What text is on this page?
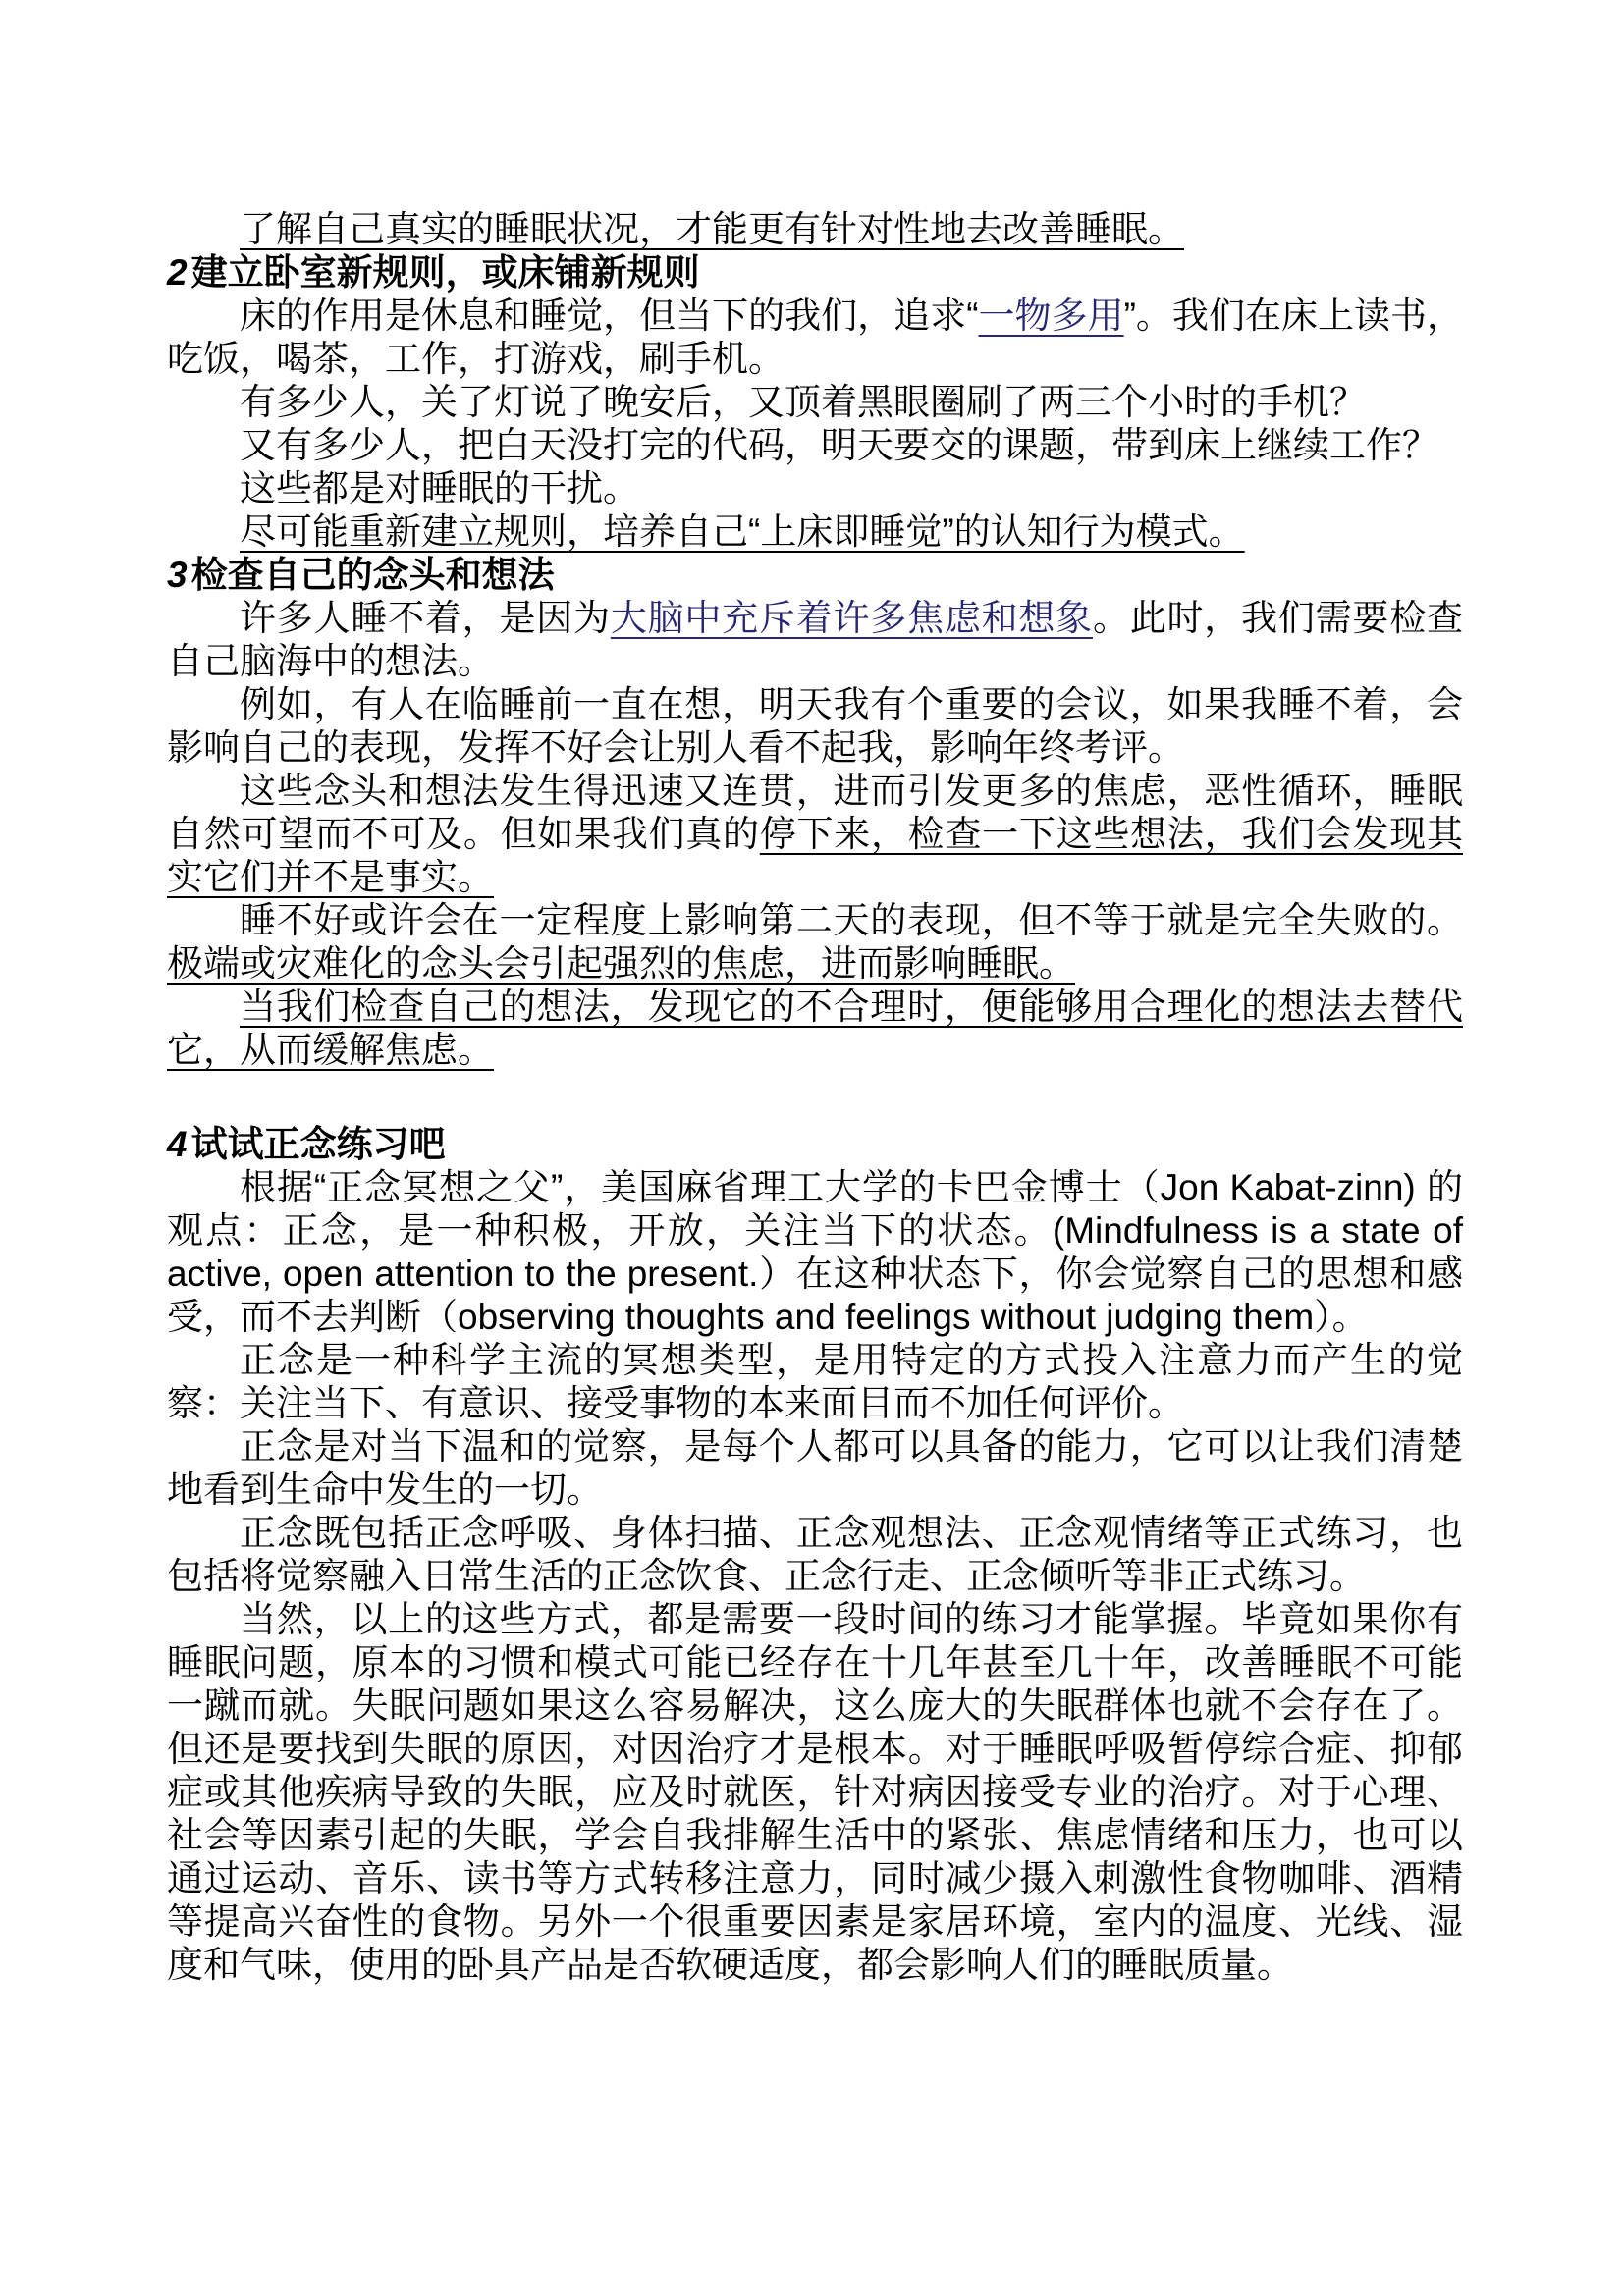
了解自己真实的睡眠状况，才能更有针对性地去改善睡眠。

2 建立卧室新规则，或床铺新规则

床的作用是休息和睡觉，但当下的我们，追求“一物多用”。我们在床上读书，吃饭，喝茶，工作，打游戏，刷手机。

有多少人，关了灯说了晚安后，又顶着黑眼圈刷了两三个小时的手机？

又有多少人，把白天没打完的代码，明天要交的课题，带到床上继续工作？

这些都是对睡眠的干扰。

尽可能重新建立规则，培养自己“上床即睡觉”的认知行为模式。

3 检查自己的念头和想法

许多人睡不着，是因为大脑中充斥着许多焦虑和想象。此时，我们需要检查自己脑海中的想法。

例如，有人在临睡前一直在想，明天我有个重要的会议，如果我睡不着，会影响自己的表现，发挥不好会让别人看不起我，影响年终考评。

这些念头和想法发生得迅速又连贯，进而引发更多的焦虑，恶性循环，睡眠自然可望而不可及。但如果我们真的停下来，检查一下这些想法，我们会发现其实它们并不是事实。

睡不好或许会在一定程度上影响第二天的表现，但不等于就是完全失败的。极端或灾难化的念头会引起强烈的焦虑，进而影响睡眠。

当我们检查自己的想法，发现它的不合理时，便能够用合理化的想法去替代它，从而缓解焦虑。

4 试试正念练习吧

根据“正念冥想之父”，美国麻省理工大学的卡巴金博士（Jon Kabat-zinn) 的观点：正念，是一种积极，开放，关注当下的状态。(Mindfulness is a state of active, open attention to the present.）在这种状态下，你会觉察自己的思想和感受，而不去判断（observing thoughts and feelings without judging them）。

正念是一种科学主流的冥想类型，是用特定的方式投入注意力而产生的觉察：关注当下、有意识、接受事物的本来面目而不加任何评价。

正念是对当下温和的觉察，是每个人都可以具备的能力，它可以让我们清楚地看到生命中发生的一切。

正念既包括正念呼吸、身体扫描、正念观想法、正念观情绪等正式练习，也包括将觉察融入日常生活的正念饮食、正念行走、正念倾听等非正式练习。

当然，以上的这些方式，都是需要一段时间的练习才能掌握。毕竟如果你有睡眠问题，原本的习惯和模式可能已经存在十几年甚至几十年，改善睡眠不可能一蹴而就。失眠问题如果这么容易解决，这么庞大的失眠群体也就不会存在了。但还是要找到失眠的原因，对因治疗才是根本。对于睡眠呼吸暂停综合症、抑郁症或其他疾病导致的失眠，应及时就医，针对病因接受专业的治疗。对于心理、社会等因素引起的失眠，学会自我排解生活中的紧张、焦虑情绪和压力，也可以通过运动、音乐、读书等方式转移注意力，同时减少摄入刺激性食物咖啡、酒精等提高兴奋性的食物。另外一个很重要因素是家居环境，室内的温度、光线、湿度和气味，使用的卧具产品是否软硬适度，都会影响人们的睡眠质量。
